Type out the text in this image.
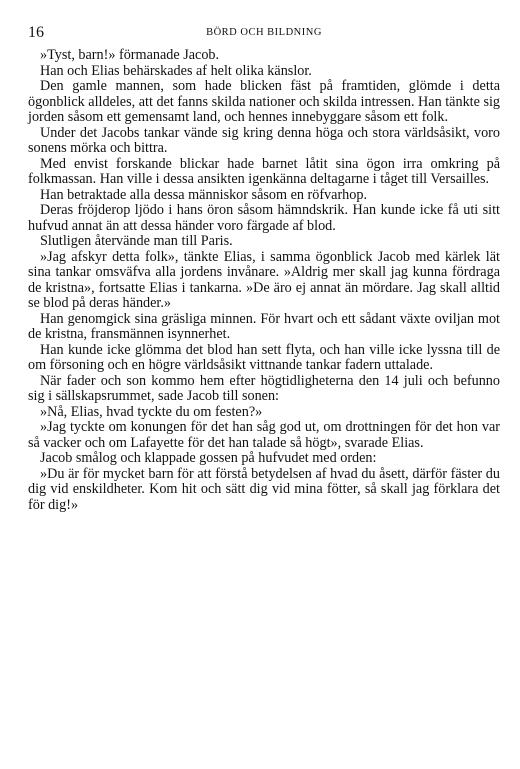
16	BÖRD OCH BILDNING

»Tyst, barn!» förmanade Jacob.

Han och Elias behärskades af helt olika känslor.

Den gamle mannen, som hade blicken fäst på framtiden, glömde i detta ögonblick alldeles, att det fanns skilda nationer och skilda intressen. Han tänkte sig jorden såsom ett gemensamt land, och hennes innebyggare såsom ett folk.

Under det Jacobs tankar vände sig kring denna höga och stora världsåsikt, voro sonens mörka och bittra.

Med envist forskande blickar hade barnet låtit sina ögon irra omkring på folkmassan. Han ville i dessa ansikten igenkänna deltagarne i tåget till Versailles.

Han betraktade alla dessa människor såsom en röfvarhop.

Deras fröjderop ljödo i hans öron såsom hämndskrik. Han kunde icke få uti sitt hufvud annat än att dessa händer voro färgade af blod.

Slutligen återvände man till Paris.

»Jag afskyr detta folk», tänkte Elias, i samma ögonblick Jacob med kärlek lät sina tankar omsväfva alla jordens invånare. »Aldrig mer skall jag kunna fördraga de kristna», fortsatte Elias i tankarna. »De äro ej annat än mördare. Jag skall alltid se blod på deras händer.»

Han genomgick sina gräsliga minnen. För hvart och ett sådant växte oviljan mot de kristna, fransmännen isynnerhet.

Han kunde icke glömma det blod han sett flyta, och han ville icke lyssna till de om försoning och en högre världsåsikt vittnande tankar fadern uttalade.

När fader och son kommo hem efter högtidligheterna den 14 juli och befunno sig i sällskapsrummet, sade Jacob till sonen:

»Nå, Elias, hvad tyckte du om festen?»

»Jag tyckte om konungen för det han såg god ut, om drottningen för det hon var så vacker och om Lafayette för det han talade så högt», svarade Elias.

Jacob smålog och klappade gossen på hufvudet med orden:

»Du är för mycket barn för att förstå betydelsen af hvad du åsett, därför fäster du dig vid enskildheter. Kom hit och sätt dig vid mina fötter, så skall jag förklara det för dig!»
